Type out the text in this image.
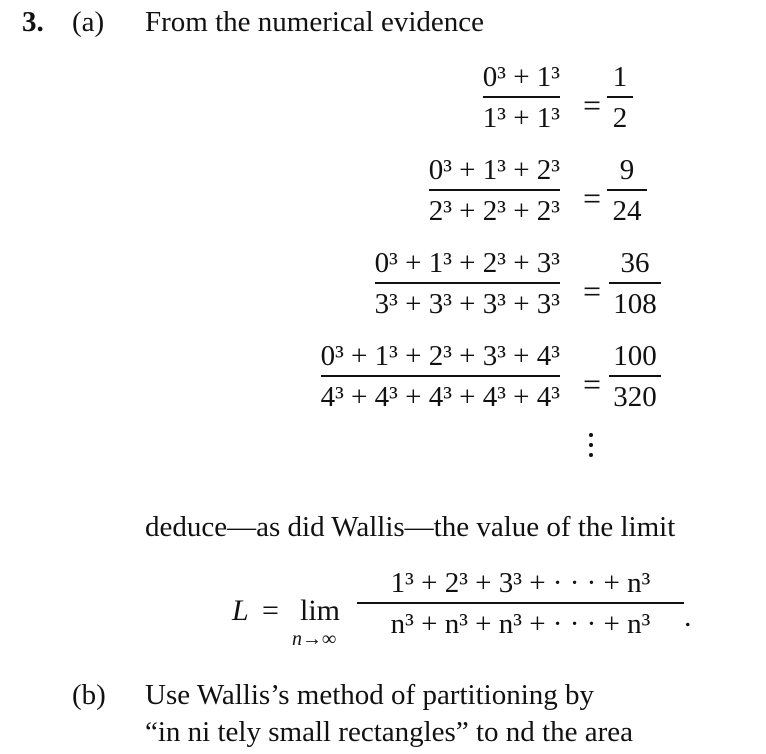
3. (a) From the numerical evidence
0³ + 1³
1³ + 1³ =
1
2
0³ + 1³ + 2³
2³ + 2³ + 2³ =
9
24
0³ + 1³ + 2³ + 3³
3³ + 3³ + 3³ + 3³ =
36
108
0³ + 1³ + 2³ + 3³ + 4³
4³ + 4³ + 4³ + 4³ + 4³ =
100
320
deduce—as did Wallis—the value of the limit
L = lim
n→∞
1³ + 2³ + 3³ + · · · + n³
n³ + n³ + n³ + · · · + n³	.
(b) Use Wallis’s method of partitioning by
“in ni tely small rectangles” to nd the area
